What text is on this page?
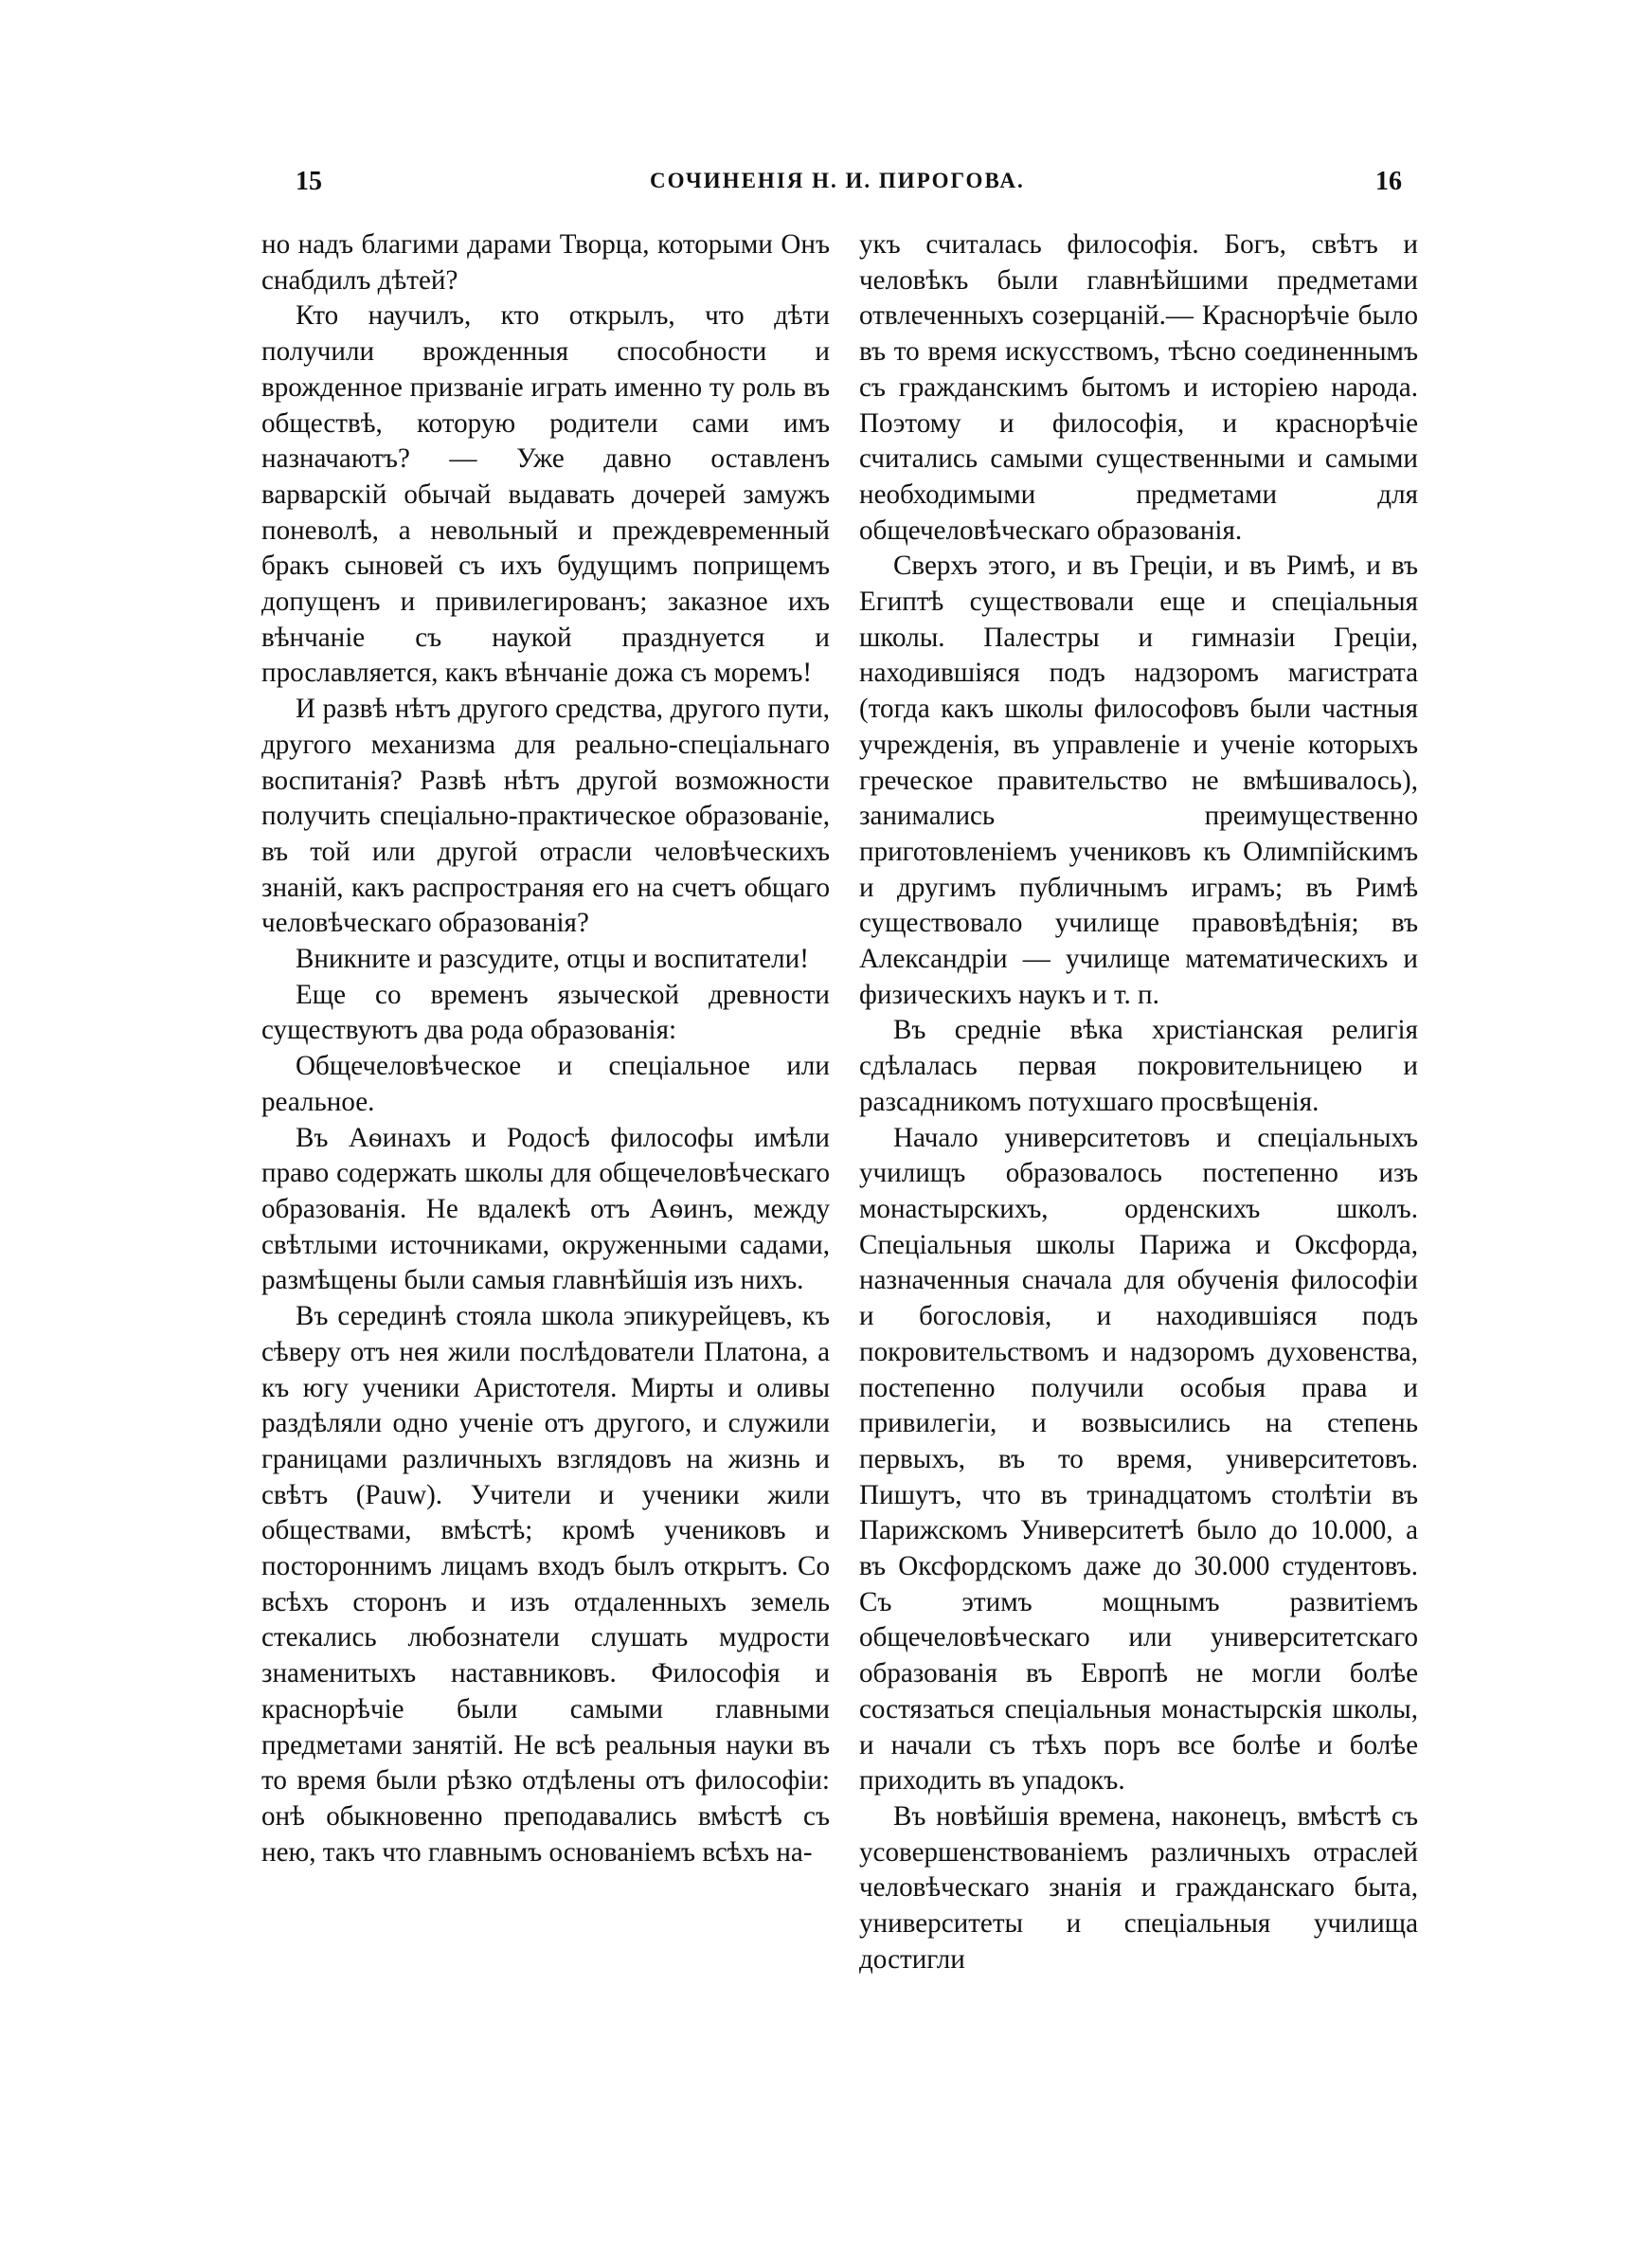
15	СОЧИНЕНІЯ Н. И. ПИРОГОВА.	16

но надъ благими дарами Творца, которыми Онъ снабдилъ дѣтей?

Кто научилъ, кто открылъ, что дѣти получили врожденныя способности и врожденное призваніе играть именно ту роль въ обществѣ, которую родители сами имъ назначаютъ? — Уже давно оставленъ варварскій обычай выдавать дочерей замужъ поневолѣ, а невольный и преждевременный бракъ сыновей съ ихъ будущимъ поприщемъ допущенъ и привилегированъ; заказное ихъ вѣнчаніе съ наукой празднуется и прославляется, какъ вѣнчаніе дожа съ моремъ!

И развѣ нѣтъ другого средства, другого пути, другого механизма для реально-спеціальнаго воспитанія? Развѣ нѣтъ другой возможности получить спеціально-практическое образованіе, въ той или другой отрасли человѣческихъ знаній, какъ распространяя его на счетъ общаго человѣческаго образованія?

Вникните и разсудите, отцы и воспитатели!

Еще со временъ языческой древности существуютъ два рода образованія:

Общечеловѣческое и спеціальное или реальное.

Въ Аѳинахъ и Родосѣ философы имѣли право содержать школы для общечеловѣческаго образованія. Не вдалекѣ отъ Аѳинъ, между свѣтлыми источниками, окруженными садами, размѣщены были самыя главнѣйшія изъ нихъ.

Въ серединѣ стояла школа эпикурейцевъ, къ сѣверу отъ нея жили послѣдователи Платона, а къ югу ученики Аристотеля. Мирты и оливы раздѣляли одно ученіе отъ другого, и служили границами различныхъ взглядовъ на жизнь и свѣтъ (Pauw). Учители и ученики жили обществами, вмѣстѣ; кромѣ учениковъ и постороннимъ лицамъ входъ былъ открытъ. Со всѣхъ сторонъ и изъ отдаленныхъ земель стекались любознатели слушать мудрости знаменитыхъ наставниковъ. Философія и краснорѣчіе были самыми главными предметами занятій. Не всѣ реальныя науки въ то время были рѣзко отдѣлены отъ философіи: онѣ обыкновенно преподавались вмѣстѣ съ нею, такъ что главнымъ основаніемъ всѣхъ на-

укъ считалась философія. Богъ, свѣтъ и человѣкъ были главнѣйшими предметами отвлеченныхъ созерцаній.— Краснорѣчіе было въ то время искусствомъ, тѣсно соединеннымъ съ гражданскимъ бытомъ и исторіею народа. Поэтому и философія, и краснорѣчіе считались самыми существенными и самыми необходимыми предметами для общечеловѣческаго образованія.

Сверхъ этого, и въ Греціи, и въ Римѣ, и въ Египтѣ существовали еще и спеціальныя школы. Палестры и гимназіи Греціи, находившіяся подъ надзоромъ магистрата (тогда какъ школы философовъ были частныя учрежденія, въ управленіе и ученіе которыхъ греческое правительство не вмѣшивалось), занимались преимущественно приготовленіемъ учениковъ къ Олимпійскимъ и другимъ публичнымъ играмъ; въ Римѣ существовало училище правовѣдѣнія; въ Александріи — училище математическихъ и физическихъ наукъ и т. п.

Въ средніе вѣка христіанская религія сдѣлалась первая покровительницею и разсадникомъ потухшаго просвѣщенія.

Начало университетовъ и спеціальныхъ училищъ образовалось постепенно изъ монастырскихъ, орденскихъ школъ. Спеціальныя школы Парижа и Оксфорда, назначенныя сначала для обученія философіи и богословія, и находившіяся подъ покровительствомъ и надзоромъ духовенства, постепенно получили особыя права и привилегіи, и возвысились на степень первыхъ, въ то время, университетовъ. Пишутъ, что въ тринадцатомъ столѣтіи въ Парижскомъ Университетѣ было до 10.000, а въ Оксфордскомъ даже до 30.000 студентовъ. Съ этимъ мощнымъ развитіемъ общечеловѣческаго или университетскаго образованія въ Европѣ не могли болѣе состязаться спеціальныя монастырскія школы, и начали съ тѣхъ поръ все болѣе и болѣе приходить въ упадокъ.

Въ новѣйшія времена, наконецъ, вмѣстѣ съ усовершенствованіемъ различныхъ отраслей человѣческаго знанія и гражданскаго быта, университеты и спеціальныя училища достигли
